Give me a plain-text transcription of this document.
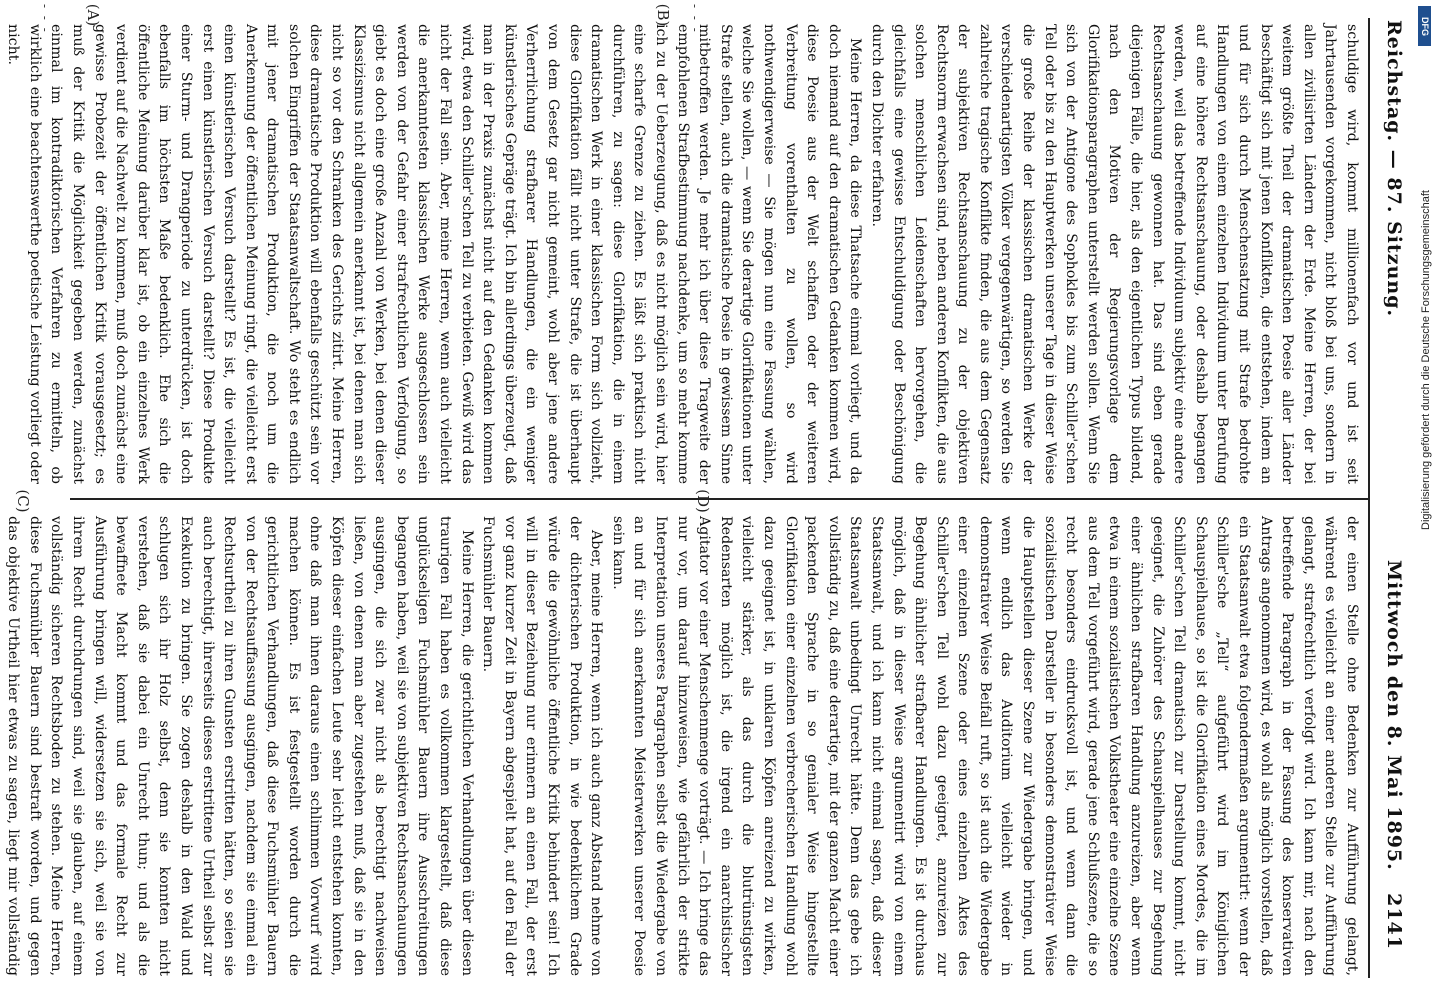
Reichstag. — 87. Sitzung.
Mittwoch den 8. Mai 1895.
2141

schuldige wird, kommt millionenfach vor und ist seit Jahrtausenden vorgekommen, nicht bloß bei uns, sondern in allen zivilisirten Ländern der Erde. Meine Herren, der bei weitem größte Theil der dramatischen Poesie aller Länder beschäftigt sich mit jenen Konflikten, die entstehen, indem an und für sich durch Menschensatzung mit Strafe bedrohte Handlungen von einem einzelnen Individuum unter Berufung auf eine höhere Rechtsanschauung, oder deshalb begangen werden, weil das betreffende Individuum subjektiv eine andere Rechtsanschauung gewonnen hat. Das sind eben gerade diejenigen Fälle, die hier, als den eigentlichen Typus bildend, nach den Motiven der Regierungsvorlage dem Glorifikationsparagraphen unterstellt werden sollen. Wenn Sie sich von der Antigone des Sophokles bis zum Schiller'schen Tell oder bis zu den Hauptwerken unserer Tage in dieser Weise die große Reihe der klassischen dramatischen Werke der verschiedenartigsten Völker vergegenwärtigen, so werden Sie zahlreiche tragische Konflikte finden, die aus dem Gegensatz der subjektiven Rechtsanschauung zu der objektiven Rechtsnorm erwachsen sind, neben anderen Konflikten, die aus solchen menschlichen Leidenschaften hervorgehen, die gleichfalls eine gewisse Entschuldigung oder Beschönigung durch den Dichter erfahren.

Meine Herren, da diese Thatsache einmal vorliegt, und da doch niemand auf den dramatischen Gedanken kommen wird, diese Poesie aus der Welt schaffen oder der weiteren Verbreitung vorenthalten zu wollen, so wird nothwendigerweise — Sie mögen nun eine Fassung wählen, welche Sie wollen, — wenn Sie derartige Glorifikationen unter Strafe stellen, auch die dramatische Poesie in gewissem Sinne mitbetroffen werden. Je mehr ich über diese Tragweite der empfohlenen Strafbestimmung nachdenke, um so mehr komme ich zu der Ueberzeugung, daß es nicht möglich sein wird, hier eine scharfe Grenze zu ziehen. Es läßt sich praktisch nicht durchführen, zu sagen: diese Glorifikation, die in einem dramatischen Werk in einer klassischen Form sich vollzieht, diese Glorifikation fällt nicht unter Strafe, die ist überhaupt von dem Gesetz gar nicht gemeint, wohl aber jene andere Verherrlichung strafbarer Handlungen, die ein weniger künstlerisches Gepräge trägt. Ich bin allerdings überzeugt, daß man in der Praxis zunächst nicht auf den Gedanken kommen wird, etwa den Schiller'schen Tell zu verbieten. Gewiß wird das nicht der Fall sein. Aber, meine Herren, wenn auch vielleicht die anerkanntesten klassischen Werke ausgeschlossen sein werden von der Gefahr einer strafrechtlichen Verfolgung, so giebt es doch eine große Anzahl von Werken, bei denen dieser Klassizismus nicht allgemein anerkannt ist, bei denen man sich nicht so vor den Schranken des Gerichts zitirt. Meine Herren, diese dramatische Produktion will ebenfalls geschützt sein vor solchen Eingriffen der Staatsanwaltschaft. Wo steht es endlich mit jener dramatischen Produktion, die noch um die Anerkennung der öffentlichen Meinung ringt, die vielleicht erst einen künstlerischen Versuch darstellt? Es ist, die vielleicht erst einen künstlerischen Versuch darstellt? Diese Produkte einer Sturm- und Drangperiode zu unterdrücken, ist doch ebenfalls im höchsten Maße bedenklich. Ehe sich die öffentliche Meinung darüber klar ist, ob ein einzelnes Werk verdient auf die Nachwelt zu kommen, muß doch zunächst eine gewisse Probezeit der öffentlichen Kritik vorausgesetzt; es muß der Kritik die Möglichkeit gegeben werden, zunächst einmal im kontradiktorischen Verfahren zu ermitteln, ob wirklich eine beachtenswerthe poetische Leistung vorliegt oder nicht.

der einen Stelle ohne Bedenken zur Aufführung gelangt, während es vielleicht an einer anderen Stelle zur Aufführung gelangt, strafrechtlich verfolgt wird. Ich kann mir, nach den betreffende Paragraph in der Fassung des konservativen Antrags angenommen wird, es wohl als möglich vorstellen, daß ein Staatsanwalt etwa folgendermaßen argumentirt: wenn der Schiller'sche „Tell“ aufgeführt wird im Königlichen Schauspielhause, so ist die Glorifikation eines Mordes, die im Schiller'schen Tell dramatisch zur Darstellung kommt, nicht geeignet, die Zuhörer des Schauspielhauses zur Begehung einer ähnlichen strafbaren Handlung anzureizen, aber wenn etwa in einem sozialistischen Volkstheater eine einzelne Szene aus dem Tell vorgeführt wird, gerade jene Schlußszene, die so recht besonders eindrucksvoll ist, und wenn dann die sozialistischen Darsteller in besonders demonstrativer Weise die Hauptstellen dieser Szene zur Wiedergabe bringen, und wenn endlich das Auditorium vielleicht wieder in demonstrativer Weise Beifall ruft, so ist auch die Wiedergabe einer einzelnen Szene oder eines einzelnen Aktes des Schiller'schen Tell wohl dazu geeignet, anzureizen zur Begehung ähnlicher strafbarer Handlungen. Es ist durchaus möglich, daß in dieser Weise argumentirt wird von einem Staatsanwalt, und ich kann nicht einmal sagen, daß dieser Staatsanwalt unbedingt Unrecht hätte. Denn das gebe ich vollständig zu, daß eine derartige, mit der ganzen Macht einer packenden Sprache in so genialer Weise hingestellte Glorifikation einer einzelnen verbrecherischen Handlung wohl dazu geeignet ist, in unklaren Köpfen anreizend zu wirken, vielleicht stärker, als das durch die blutrünstigsten Redensarten möglich ist, die irgend ein anarchistischer Agitator vor einer Menschenmenge vorträgt. — Ich bringe das nur vor, um darauf hinzuweisen, wie gefährlich der strikte Interpretation unseres Paragraphen selbst die Wiedergabe von an und für sich anerkannten Meisterwerken unserer Poesie sein kann.

Aber, meine Herren, wenn ich auch ganz Abstand nehme von der dichterischen Produktion, in wie bedenklichem Grade würde die gewöhnliche öffentliche Kritik behindert sein! Ich will in dieser Beziehung nur erinnern an einen Fall, der erst vor ganz kurzer Zeit in Bayern abgespielt hat, auf den Fall der Fuchsmühler Bauern.

Meine Herren, die gerichtlichen Verhandlungen über diesen traurigen Fall haben es vollkommen klargestellt, daß diese unglückseligen Fuchsmühler Bauern ihre Ausschreitungen begangen haben, weil sie von subjektiven Rechtsanschauungen ausgingen, die sich zwar nicht als berechtigt nachweisen ließen, von denen man aber zugestehen muß, daß sie in den Köpfen dieser einfachen Leute sehr leicht entstehen konnten, ohne daß man ihnen daraus einen schlimmen Vorwurf wird machen können. Es ist festgestellt worden durch die gerichtlichen Verhandlungen, daß diese Fuchsmühler Bauern von der Rechtsauffassung ausgingen, nachdem sie einmal ein Rechtsurtheil zu ihren Gunsten erstritten hätten, so seien sie auch berechtigt, ihrerseits dieses erstrittene Urtheil selbst zur Exekution zu bringen. Sie zogen deshalb in den Wald und schlugen sich ihr Holz selbst, denn sie konnten nicht verstehen, daß sie dabei ein Unrecht thun; und als die bewaffnete Macht kommt und das formale Recht zur Ausführung bringen will, widersetzen sie sich, weil sie von ihrem Recht durchdrungen sind, weil sie glauben, auf einem vollständig sicheren Rechtsboden zu stehen. Meine Herren, diese Fuchsmühler Bauern sind bestraft worden, und gegen das objektive Urtheil hier etwas zu sagen, liegt mir vollständig

(A)	(B)
(C)	(D)
- - -	- - -	DFG
Digitalisierung gefördert durch die Deutsche Forschungsgemeinschaft
